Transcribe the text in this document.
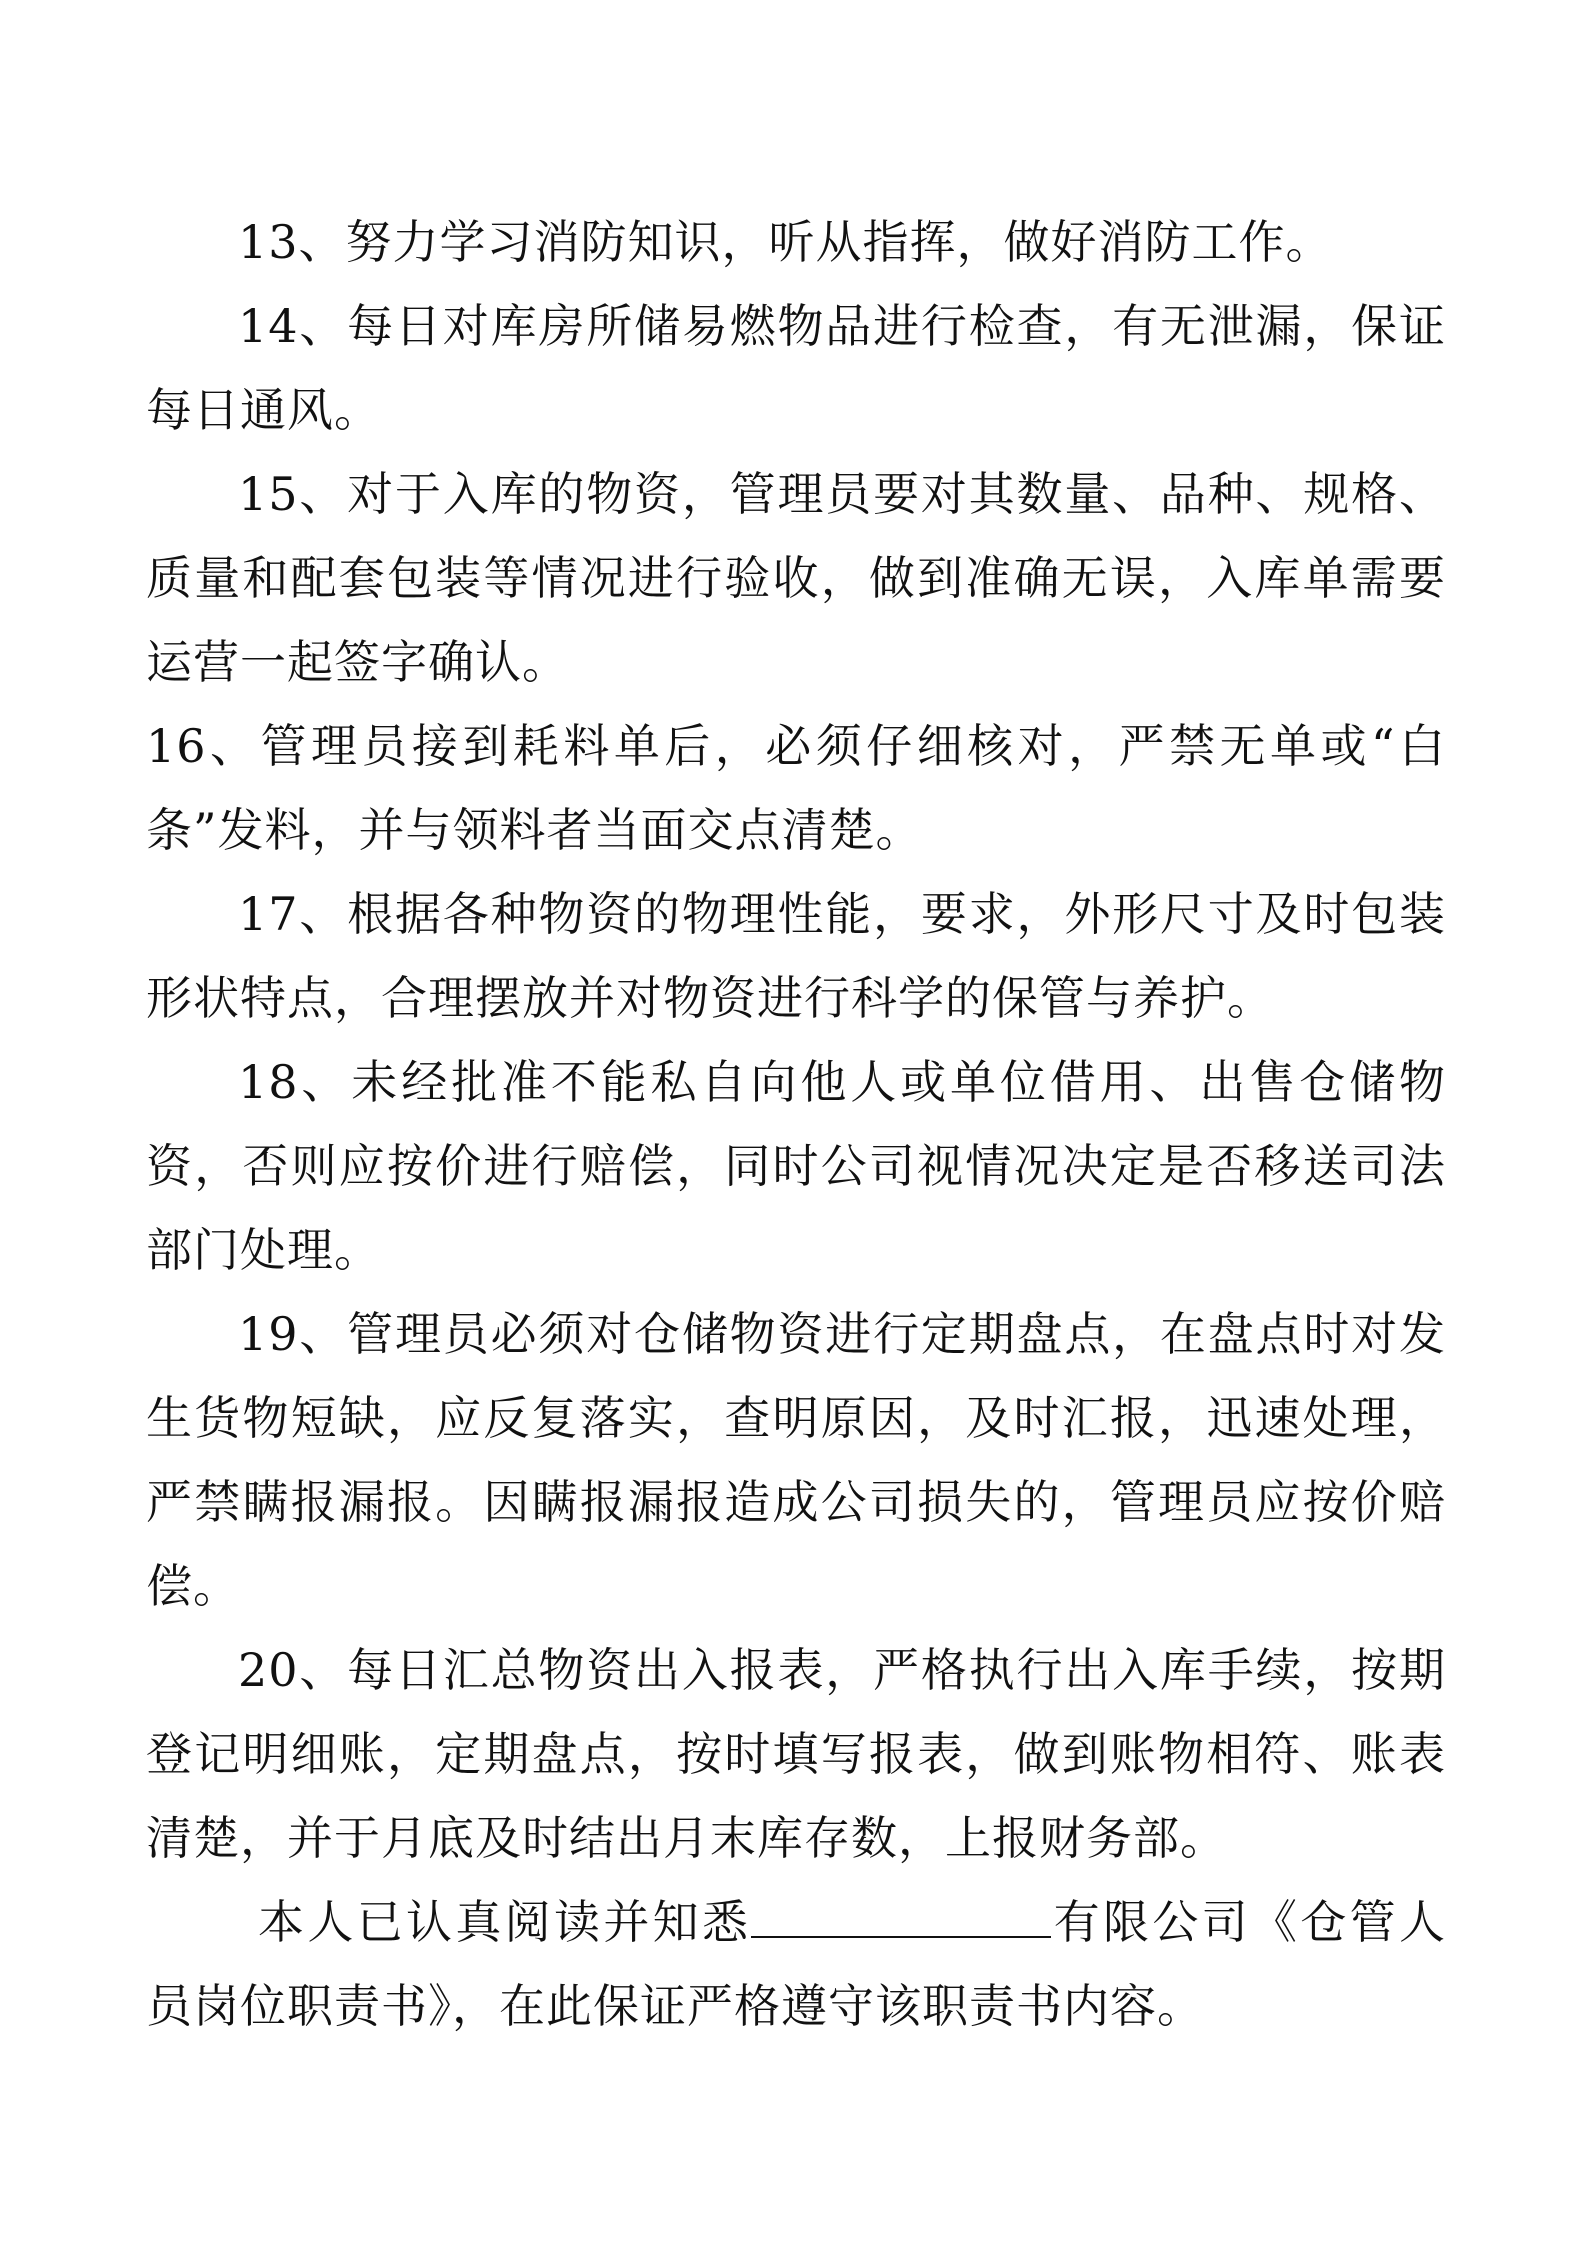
13、努力学习消防知识，听从指挥，做好消防工作。

14、每日对库房所储易燃物品进行检查，有无泄漏，保证每日通风。

15、对于入库的物资，管理员要对其数量、品种、规格、质量和配套包装等情况进行验收，做到准确无误，入库单需要运营一起签字确认。

16、管理员接到耗料单后，必须仔细核对，严禁无单或“白条”发料，并与领料者当面交点清楚。

17、根据各种物资的物理性能，要求，外形尺寸及时包装形状特点，合理摆放并对物资进行科学的保管与养护。

18、未经批准不能私自向他人或单位借用、出售仓储物资，否则应按价进行赔偿，同时公司视情况决定是否移送司法部门处理。

19、管理员必须对仓储物资进行定期盘点，在盘点时对发生货物短缺，应反复落实，查明原因，及时汇报，迅速处理，严禁瞒报漏报。因瞒报漏报造成公司损失的，管理员应按价赔偿。

20、每日汇总物资出入报表，严格执行出入库手续，按期登记明细账，定期盘点，按时填写报表，做到账物相符、账表清楚，并于月底及时结出月末库存数，上报财务部。

本人已认真阅读并知悉	有限公司《仓管人员岗位职责书》，在此保证严格遵守该职责书内容。
